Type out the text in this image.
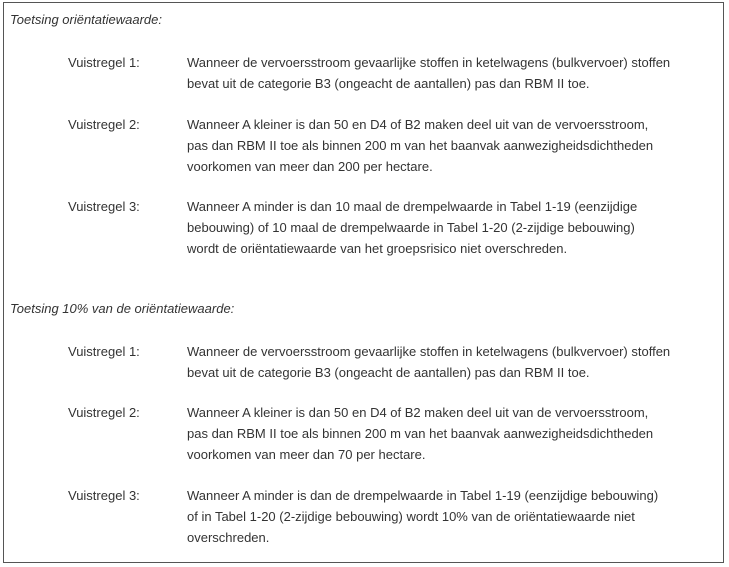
Toetsing oriëntatiewaarde:
Vuistregel 1:	Wanneer de vervoersstroom gevaarlijke stoffen in ketelwagens (bulkvervoer) stoffen
bevat uit de categorie B3 (ongeacht de aantallen) pas dan RBM II toe.
Vuistregel 2:	Wanneer A kleiner is dan 50 en D4 of B2 maken deel uit van de vervoersstroom,
pas dan RBM II toe als binnen 200 m van het baanvak aanwezigheidsdichtheden
voorkomen van meer dan 200 per hectare.
Vuistregel 3:	Wanneer A minder is dan 10 maal de drempelwaarde in Tabel 1-19 (eenzijdige
bebouwing) of 10 maal de drempelwaarde in Tabel 1-20 (2-zijdige bebouwing)
wordt de oriëntatiewaarde van het groepsrisico niet overschreden.
Toetsing 10% van de oriëntatiewaarde:
Vuistregel 1:	Wanneer de vervoersstroom gevaarlijke stoffen in ketelwagens (bulkvervoer) stoffen
bevat uit de categorie B3 (ongeacht de aantallen) pas dan RBM II toe.
Vuistregel 2:	Wanneer A kleiner is dan 50 en D4 of B2 maken deel uit van de vervoersstroom,
pas dan RBM II toe als binnen 200 m van het baanvak aanwezigheidsdichtheden
voorkomen van meer dan 70 per hectare.
Vuistregel 3:	Wanneer A minder is dan de drempelwaarde in Tabel 1-19 (eenzijdige bebouwing)
of in Tabel 1-20 (2-zijdige bebouwing) wordt 10% van de oriëntatiewaarde niet
overschreden.
